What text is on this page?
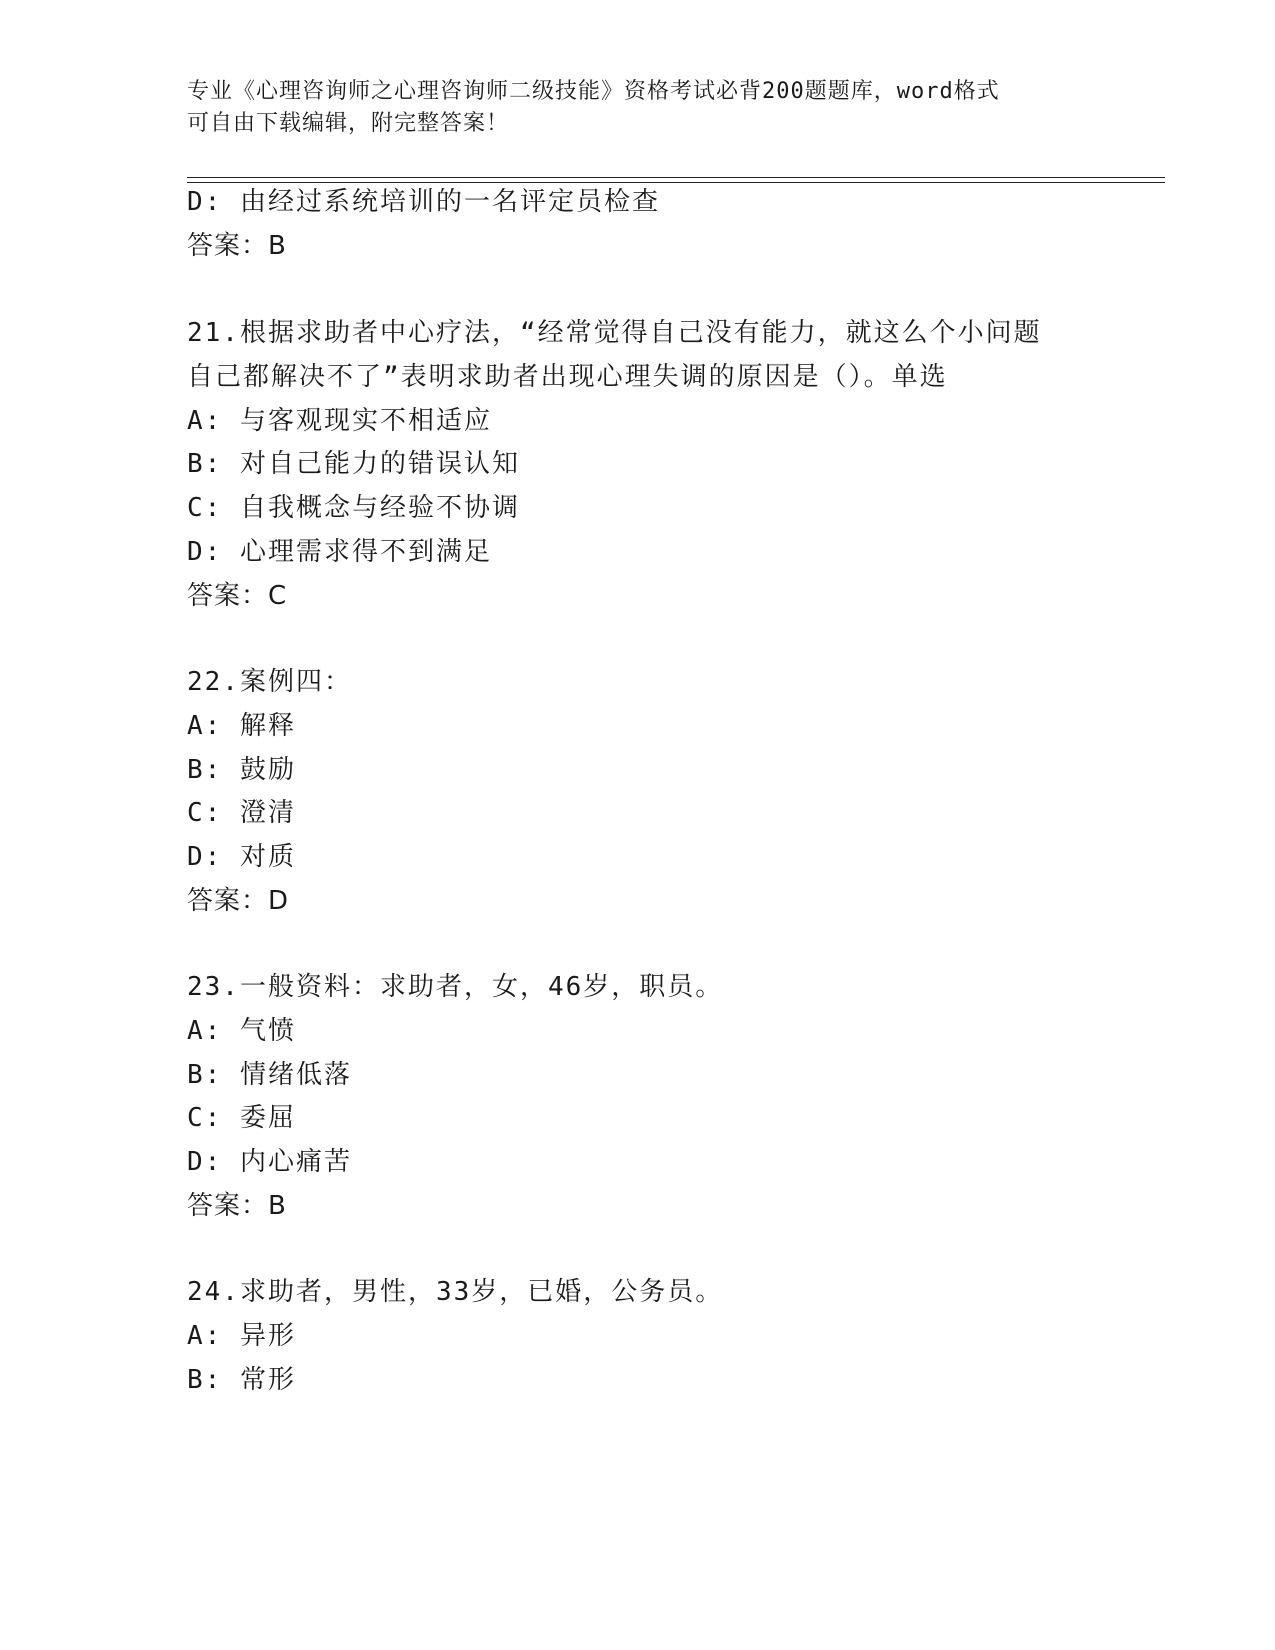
专业《心理咨询师之心理咨询师二级技能》资格考试必背200题题库，word格式
可自由下载编辑，附完整答案！
D: 由经过系统培训的一名评定员检查
答案：B
21.根据求助者中心疗法，“经常觉得自己没有能力，就这么个小问题
自己都解决不了”表明求助者出现心理失调的原因是（）。单选
A: 与客观现实不相适应
B: 对自己能力的错误认知
C: 自我概念与经验不协调
D: 心理需求得不到满足
答案：C
22.案例四：
A: 解释
B: 鼓励
C: 澄清
D: 对质
答案：D
23.一般资料：求助者，女，46岁，职员。
A: 气愤
B: 情绪低落
C: 委屈
D: 内心痛苦
答案：B
24.求助者，男性，33岁，已婚，公务员。
A: 异形
B: 常形
